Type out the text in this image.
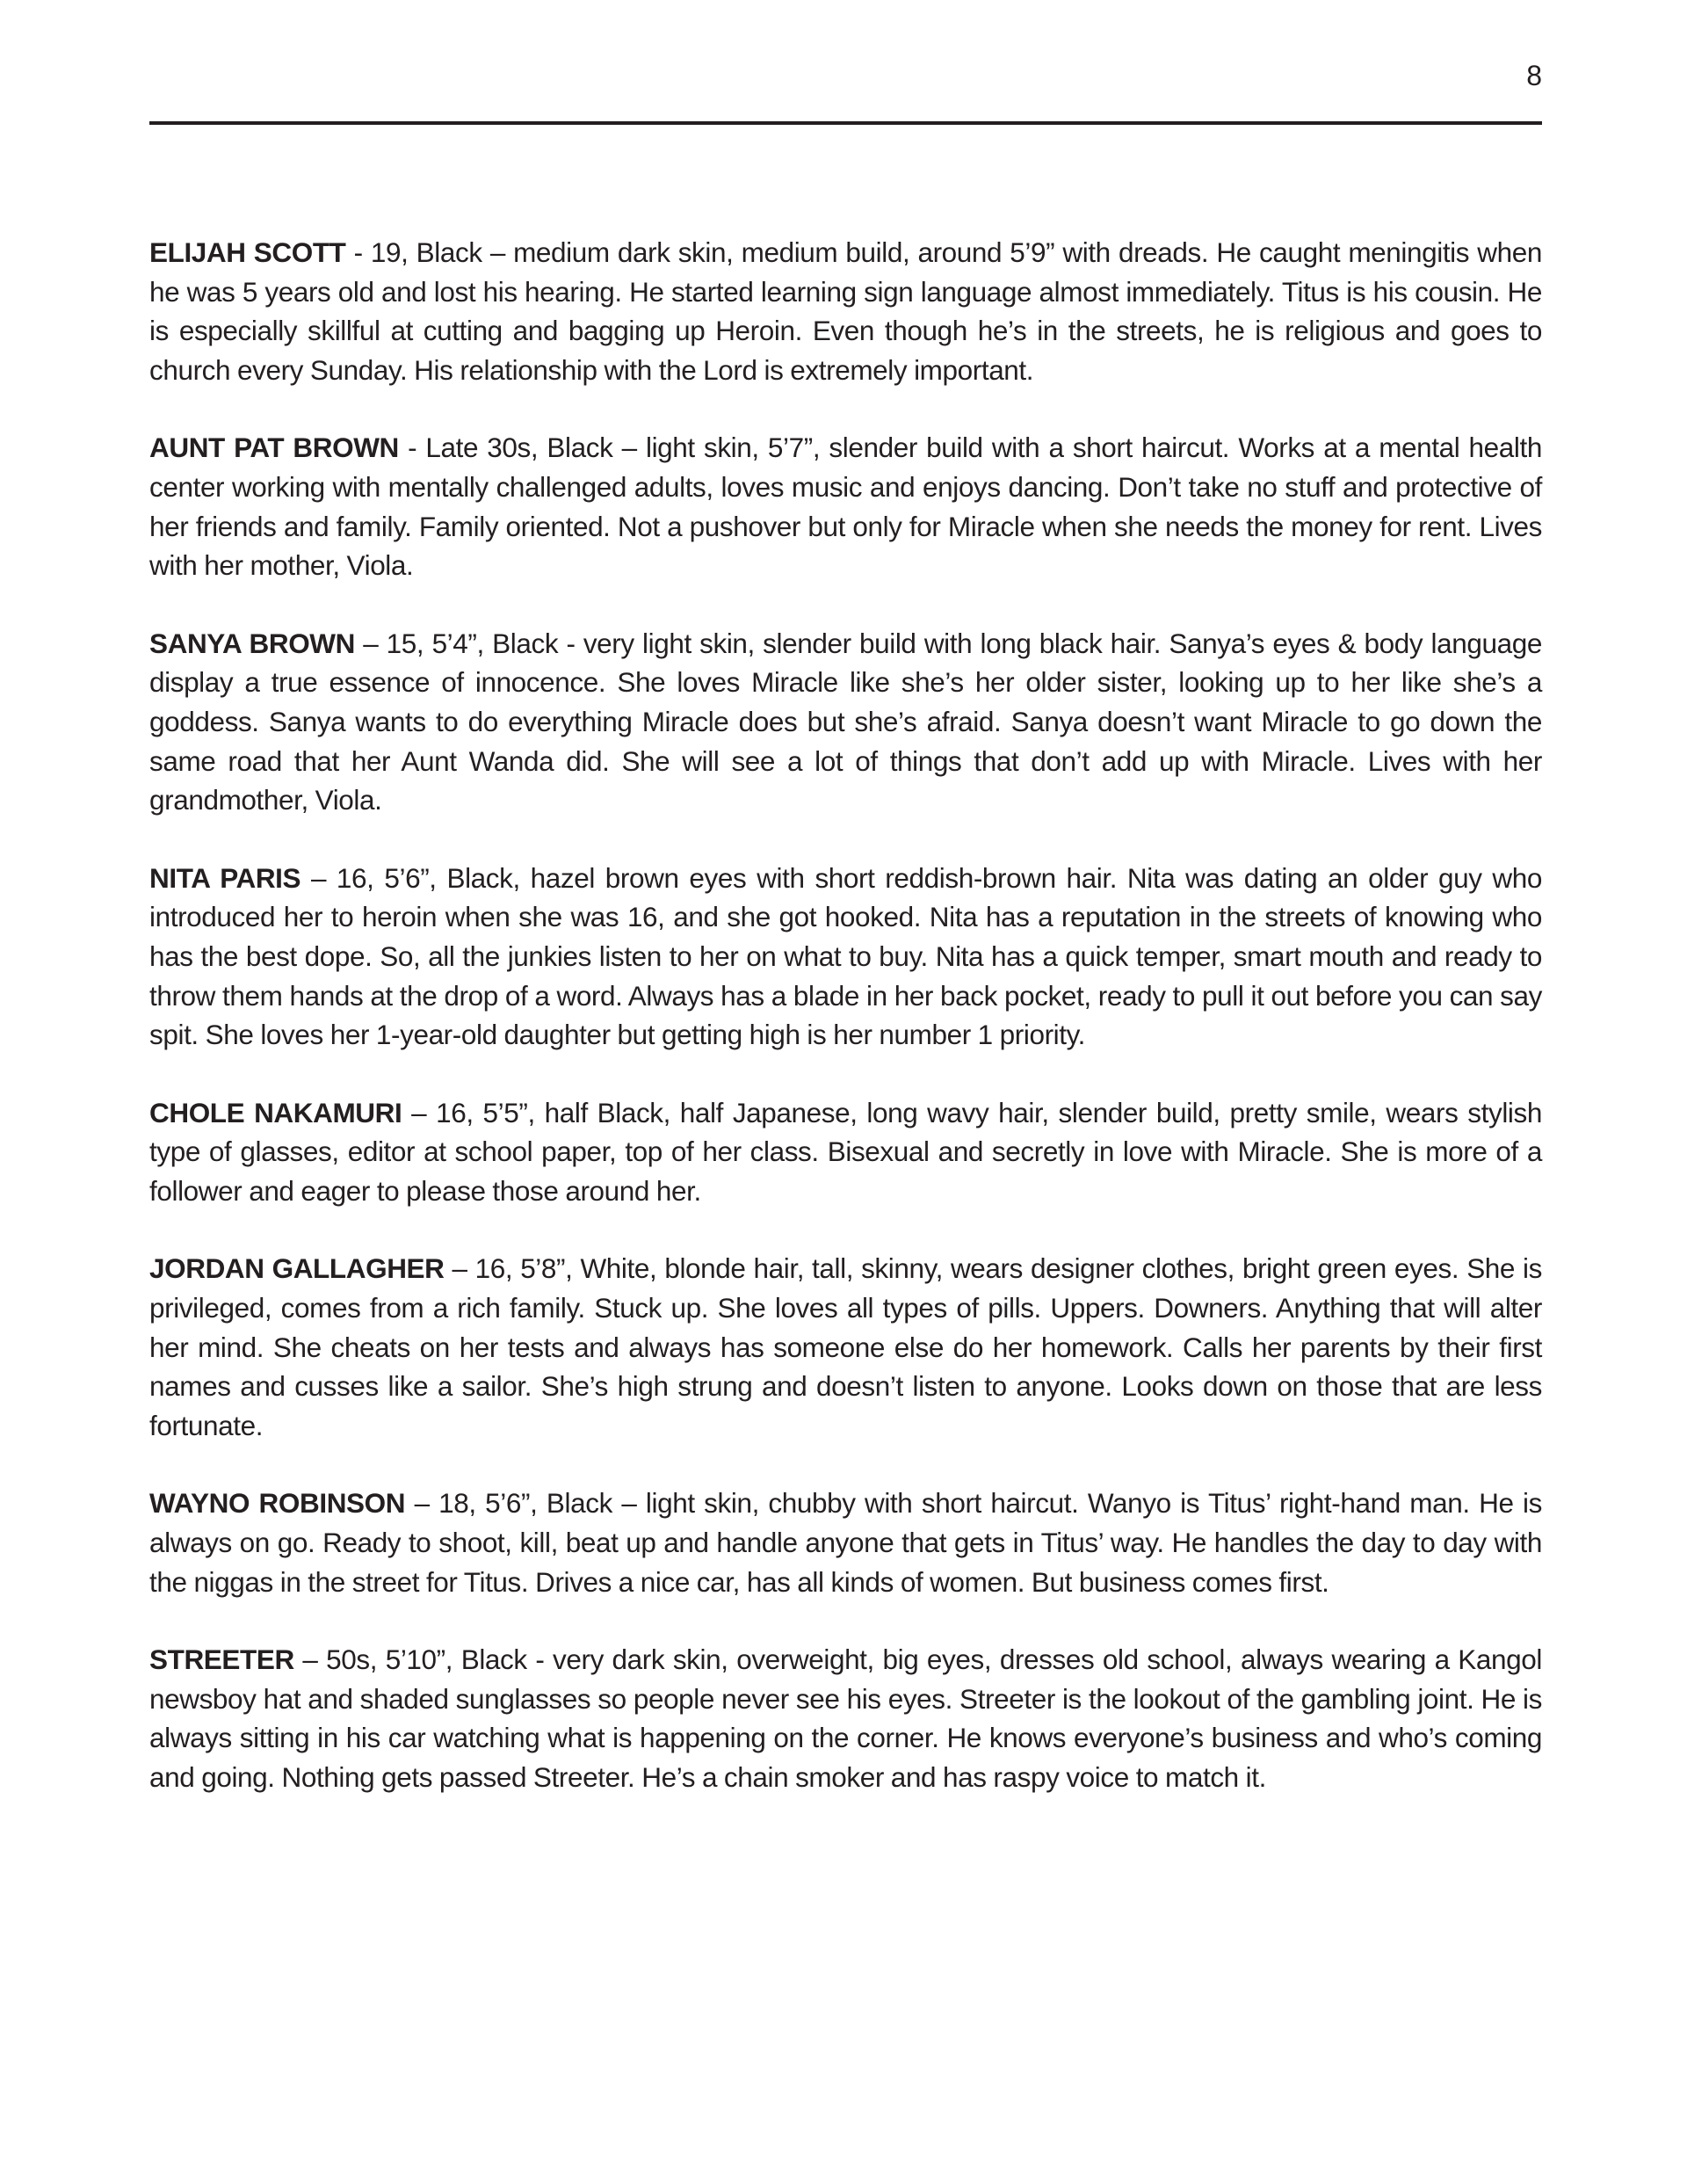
8

ELIJAH SCOTT - 19, Black – medium dark skin, medium build, around 5’9” with dreads. He caught meningitis when he was 5 years old and lost his hearing. He started learning sign language almost immediately. Titus is his cousin. He is especially skillful at cutting and bagging up Heroin. Even though he’s in the streets, he is religious and goes to church every Sunday. His relationship with the Lord is extremely important.

AUNT PAT BROWN - Late 30s, Black – light skin, 5’7”, slender build with a short haircut. Works at a mental health center working with mentally challenged adults, loves music and enjoys dancing. Don’t take no stuff and protective of her friends and family. Family oriented. Not a pushover but only for Miracle when she needs the money for rent. Lives with her mother, Viola.

SANYA BROWN – 15, 5’4”, Black - very light skin, slender build with long black hair. Sanya’s eyes & body language display a true essence of innocence. She loves Miracle like she’s her older sister, looking up to her like she’s a goddess. Sanya wants to do everything Miracle does but she’s afraid. Sanya doesn’t want Miracle to go down the same road that her Aunt Wanda did. She will see a lot of things that don’t add up with Miracle. Lives with her grandmother, Viola.

NITA PARIS – 16, 5’6”, Black, hazel brown eyes with short reddish-brown hair. Nita was dating an older guy who introduced her to heroin when she was 16, and she got hooked. Nita has a reputation in the streets of knowing who has the best dope. So, all the junkies listen to her on what to buy. Nita has a quick temper, smart mouth and ready to throw them hands at the drop of a word. Always has a blade in her back pocket, ready to pull it out before you can say spit. She loves her 1-year-old daughter but getting high is her number 1 priority.

CHOLE NAKAMURI – 16, 5’5”, half Black, half Japanese, long wavy hair, slender build, pretty smile, wears stylish type of glasses, editor at school paper, top of her class. Bisexual and secretly in love with Miracle. She is more of a follower and eager to please those around her.

JORDAN GALLAGHER – 16, 5’8”, White, blonde hair, tall, skinny, wears designer clothes, bright green eyes. She is privileged, comes from a rich family. Stuck up. She loves all types of pills. Uppers. Downers. Anything that will alter her mind. She cheats on her tests and always has someone else do her homework. Calls her parents by their first names and cusses like a sailor. She’s high strung and doesn’t listen to anyone. Looks down on those that are less fortunate.

WAYNO ROBINSON – 18, 5’6”, Black – light skin, chubby with short haircut. Wanyo is Titus’ right-hand man. He is always on go. Ready to shoot, kill, beat up and handle anyone that gets in Titus’ way. He handles the day to day with the niggas in the street for Titus. Drives a nice car, has all kinds of women. But business comes first.

STREETER – 50s, 5’10”, Black - very dark skin, overweight, big eyes, dresses old school, always wearing a Kangol newsboy hat and shaded sunglasses so people never see his eyes. Streeter is the lookout of the gambling joint. He is always sitting in his car watching what is happening on the corner. He knows everyone’s business and who’s coming and going. Nothing gets passed Streeter. He’s a chain smoker and has raspy voice to match it.
